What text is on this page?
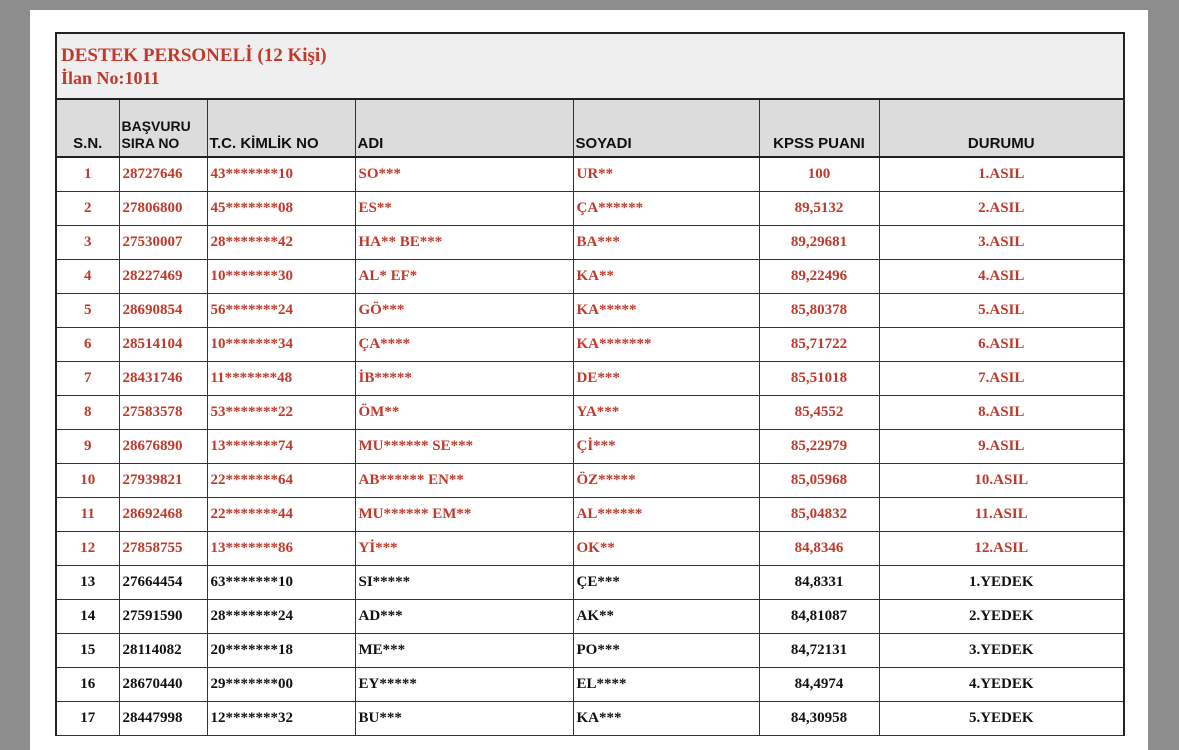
DESTEK PERSONELİ (12 Kişi)
İlan No:1011
S.N.	BAŞVURU SIRA NO	T.C. KİMLİK NO	ADI	SOYADI	KPSS PUANI	DURUMU
1	28727646	43*******10	SO***	UR**	100	1.ASIL
2	27806800	45*******08	ES**	ÇA******	89,5132	2.ASIL
3	27530007	28*******42	HA** BE***	BA***	89,29681	3.ASIL
4	28227469	10*******30	AL* EF*	KA**	89,22496	4.ASIL
5	28690854	56*******24	GÖ***	KA*****	85,80378	5.ASIL
6	28514104	10*******34	ÇA****	KA*******	85,71722	6.ASIL
7	28431746	11*******48	İB*****	DE***	85,51018	7.ASIL
8	27583578	53*******22	ÖM**	YA***	85,4552	8.ASIL
9	28676890	13*******74	MU****** SE***	Çİ***	85,22979	9.ASIL
10	27939821	22*******64	AB****** EN**	ÖZ*****	85,05968	10.ASIL
11	28692468	22*******44	MU****** EM**	AL******	85,04832	11.ASIL
12	27858755	13*******86	Yİ***	OK**	84,8346	12.ASIL
13	27664454	63*******10	SI*****	ÇE***	84,8331	1.YEDEK
14	27591590	28*******24	AD***	AK**	84,81087	2.YEDEK
15	28114082	20*******18	ME***	PO***	84,72131	3.YEDEK
16	28670440	29*******00	EY*****	EL****	84,4974	4.YEDEK
17	28447998	12*******32	BU***	KA***	84,30958	5.YEDEK
